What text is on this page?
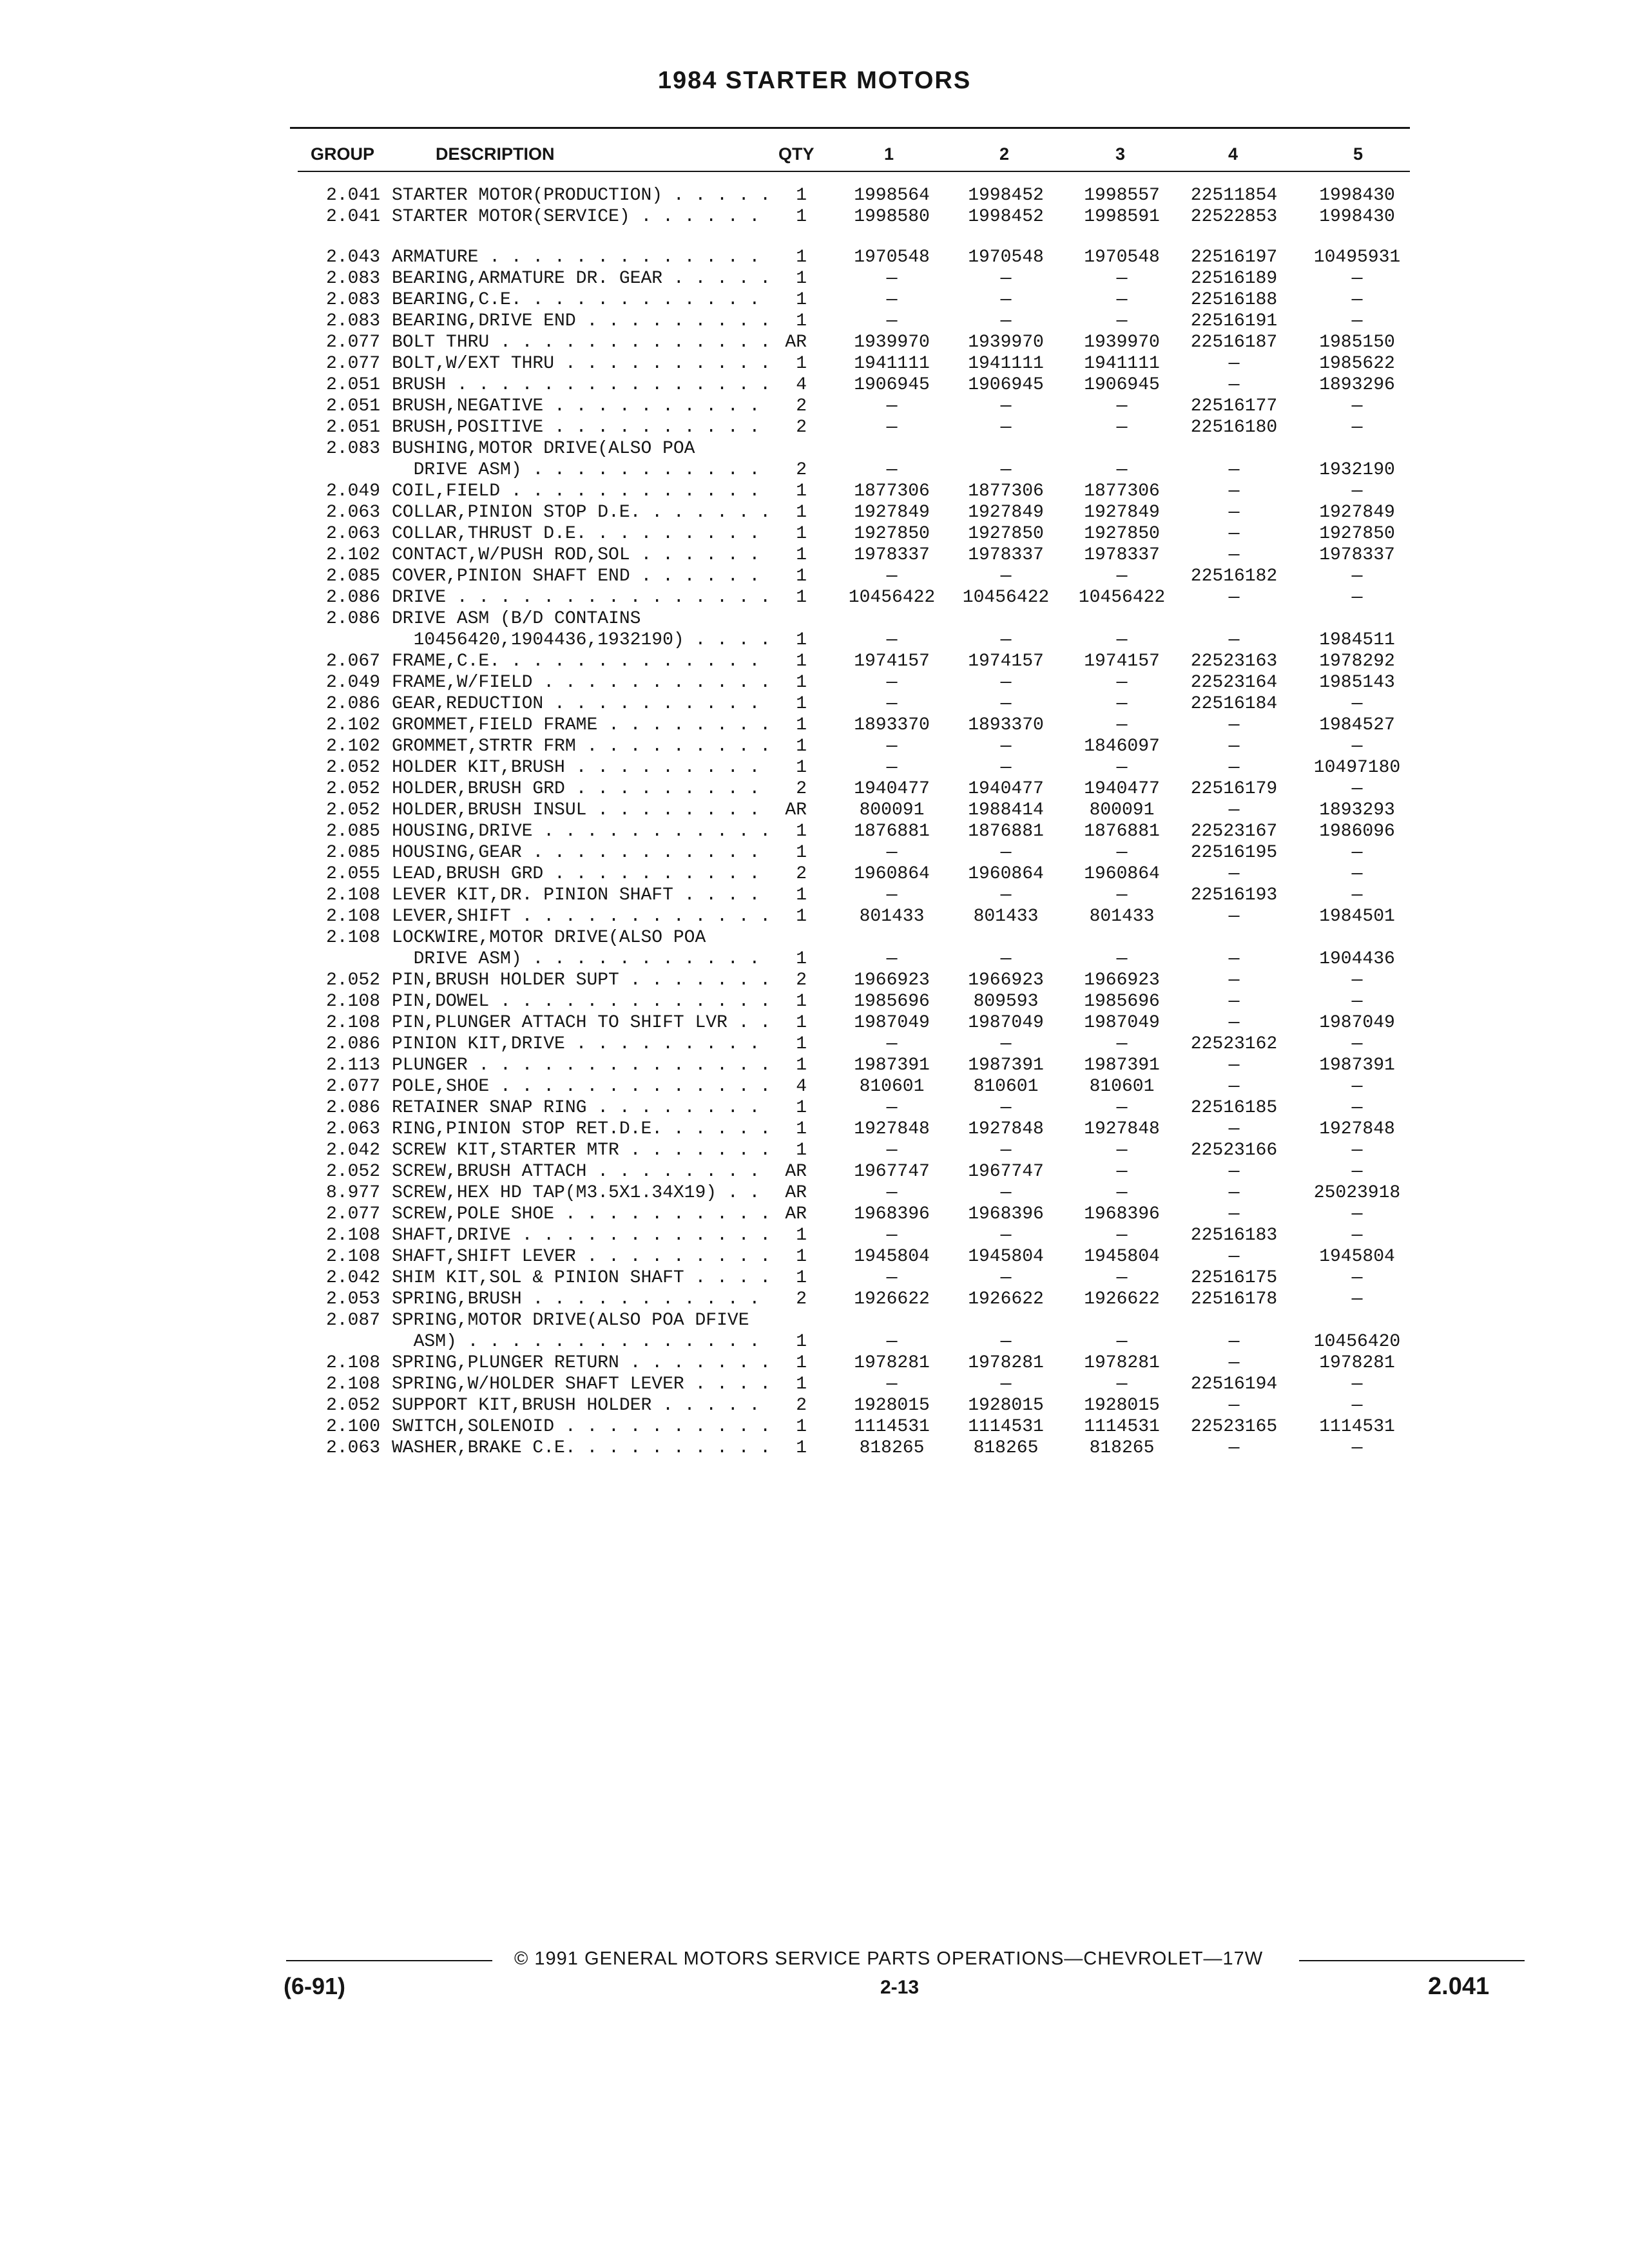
1984 STARTER MOTORS
GROUP	DESCRIPTION	QTY	1	2	3	4	5
2.041 STARTER MOTOR(PRODUCTION) . . .	1	1998564	1998452	1998557	22511854	1998430
2.041 STARTER MOTOR(SERVICE) . . .	1	1998580	1998452	1998591	22522853	1998430
2.043 ARMATURE . . .	1	1970548	1970548	1970548	22516197	10495931
2.083 BEARING,ARMATURE DR. GEAR . . .	1	—	—	—	22516189	—
2.083 BEARING,C.E. . . .	1	—	—	—	22516188	—
2.083 BEARING,DRIVE END . . .	1	—	—	—	22516191	—
2.077 BOLT THRU . . .	AR	1939970	1939970	1939970	22516187	1985150
2.077 BOLT,W/EXT THRU . . .	1	1941111	1941111	1941111	—	1985622
2.051 BRUSH . . .	4	1906945	1906945	1906945	—	1893296
2.051 BRUSH,NEGATIVE . . .	2	—	—	—	22516177	—
2.051 BRUSH,POSITIVE . . .	2	—	—	—	22516180	—
2.083 BUSHING,MOTOR DRIVE(ALSO POA
DRIVE ASM) . . .	2	—	—	—	—	1932190
2.049 COIL,FIELD . . .	1	1877306	1877306	1877306	—	—
2.063 COLLAR,PINION STOP D.E. . . .	1	1927849	1927849	1927849	—	1927849
2.063 COLLAR,THRUST D.E. . . .	1	1927850	1927850	1927850	—	1927850
2.102 CONTACT,W/PUSH ROD,SOL . . .	1	1978337	1978337	1978337	—	1978337
2.085 COVER,PINION SHAFT END . . .	1	—	—	—	22516182	—
2.086 DRIVE . . .	1	10456422	10456422	10456422	—	—
2.086 DRIVE ASM (B/D CONTAINS
10456420,1904436,1932190) . . .	1	—	—	—	—	1984511
2.067 FRAME,C.E. . . .	1	1974157	1974157	1974157	22523163	1978292
2.049 FRAME,W/FIELD . . .	1	—	—	—	22523164	1985143
2.086 GEAR,REDUCTION . . .	1	—	—	—	22516184	—
2.102 GROMMET,FIELD FRAME . . .	1	1893370	1893370	—	—	1984527
2.102 GROMMET,STRTR FRM . . .	1	—	—	1846097	—	—
2.052 HOLDER KIT,BRUSH . . .	1	—	—	—	—	10497180
2.052 HOLDER,BRUSH GRD . . .	2	1940477	1940477	1940477	22516179	—
2.052 HOLDER,BRUSH INSUL . . .	AR	800091	1988414	800091	—	1893293
2.085 HOUSING,DRIVE . . .	1	1876881	1876881	1876881	22523167	1986096
2.085 HOUSING,GEAR . . .	1	—	—	—	22516195	—
2.055 LEAD,BRUSH GRD . . .	2	1960864	1960864	1960864	—	—
2.108 LEVER KIT,DR. PINION SHAFT . . .	1	—	—	—	22516193	—
2.108 LEVER,SHIFT . . .	1	801433	801433	801433	—	1984501
2.108 LOCKWIRE,MOTOR DRIVE(ALSO POA
DRIVE ASM) . . .	1	—	—	—	—	1904436
2.052 PIN,BRUSH HOLDER SUPT . . .	2	1966923	1966923	1966923	—	—
2.108 PIN,DOWEL . . .	1	1985696	809593	1985696	—	—
2.108 PIN,PLUNGER ATTACH TO SHIFT LVR . . .	1	1987049	1987049	1987049	—	1987049
2.086 PINION KIT,DRIVE . . .	1	—	—	—	22523162	—
2.113 PLUNGER . . .	1	1987391	1987391	1987391	—	1987391
2.077 POLE,SHOE . . .	4	810601	810601	810601	—	—
2.086 RETAINER SNAP RING . . .	1	—	—	—	22516185	—
2.063 RING,PINION STOP RET.D.E. . . .	1	1927848	1927848	1927848	—	1927848
2.042 SCREW KIT,STARTER MTR . . .	1	—	—	—	22523166	—
2.052 SCREW,BRUSH ATTACH . . .	AR	1967747	1967747	—	—	—
8.977 SCREW,HEX HD TAP(M3.5X1.34X19) . . .	AR	—	—	—	—	25023918
2.077 SCREW,POLE SHOE . . .	AR	1968396	1968396	1968396	—	—
2.108 SHAFT,DRIVE . . .	1	—	—	—	22516183	—
2.108 SHAFT,SHIFT LEVER . . .	1	1945804	1945804	1945804	—	1945804
2.042 SHIM KIT,SOL & PINION SHAFT . . .	1	—	—	—	22516175	—
2.053 SPRING,BRUSH . . .	2	1926622	1926622	1926622	22516178	—
2.087 SPRING,MOTOR DRIVE(ALSO POA DFIVE
ASM) . . .	1	—	—	—	—	10456420
2.108 SPRING,PLUNGER RETURN . . .	1	1978281	1978281	1978281	—	1978281
2.108 SPRING,W/HOLDER SHAFT LEVER . . .	1	—	—	—	22516194	—
2.052 SUPPORT KIT,BRUSH HOLDER . . .	2	1928015	1928015	1928015	—	—
2.100 SWITCH,SOLENOID . . .	1	1114531	1114531	1114531	22523165	1114531
2.063 WASHER,BRAKE C.E. . . .	1	818265	818265	818265	—	—
© 1991 GENERAL MOTORS SERVICE PARTS OPERATIONS—CHEVROLET—17W
(6-91)	2-13	2.041
